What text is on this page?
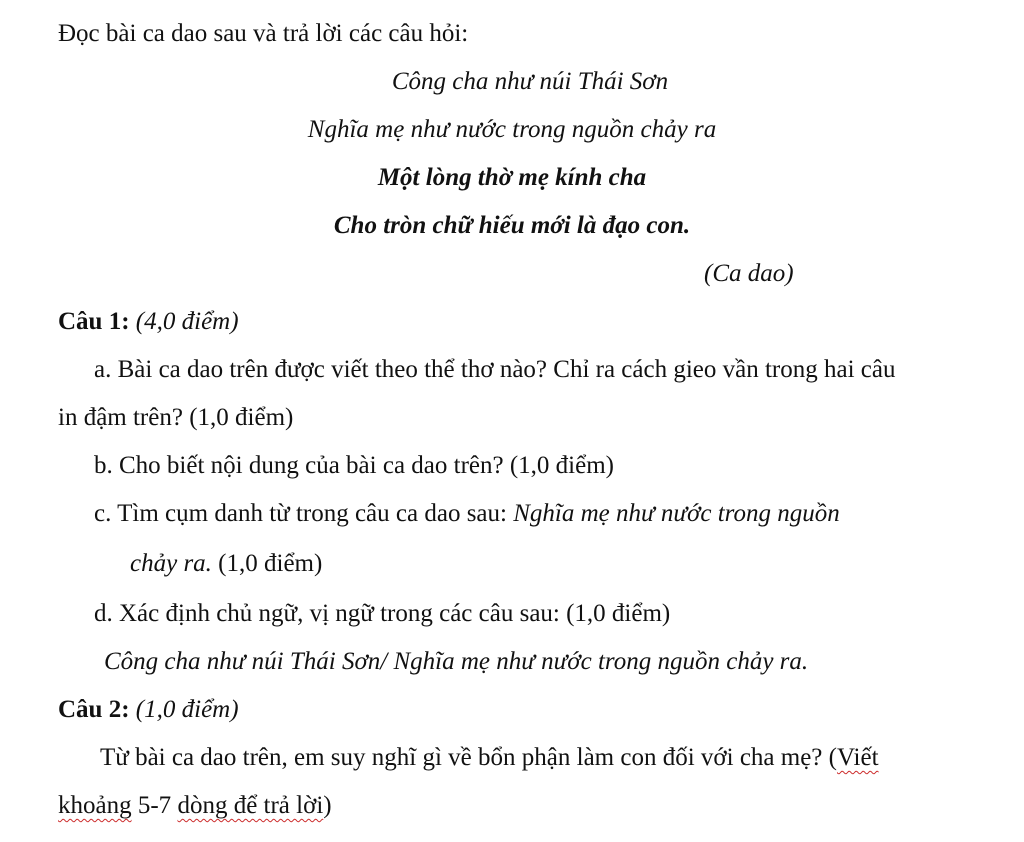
Đọc bài ca dao sau và trả lời các câu hỏi:
Công cha như núi Thái Sơn
Nghĩa mẹ như nước trong nguồn chảy ra
Một lòng thờ mẹ kính cha
Cho tròn chữ hiếu mới là đạo con.
(Ca dao)
Câu 1: (4,0 điểm)
a. Bài ca dao trên được viết theo thể thơ nào? Chỉ ra cách gieo vần trong hai câu
in đậm trên? (1,0 điểm)
b. Cho biết nội dung của bài ca dao trên? (1,0 điểm)
c. Tìm cụm danh từ trong câu ca dao sau: Nghĩa mẹ như nước trong nguồn
chảy ra. (1,0 điểm)
d. Xác định chủ ngữ, vị ngữ trong các câu sau: (1,0 điểm)
Công cha như núi Thái Sơn/ Nghĩa mẹ như nước trong nguồn chảy ra.
Câu 2: (1,0 điểm)
Từ bài ca dao trên, em suy nghĩ gì về bổn phận làm con đối với cha mẹ? (Viết
khoảng 5-7 dòng để trả lời)
